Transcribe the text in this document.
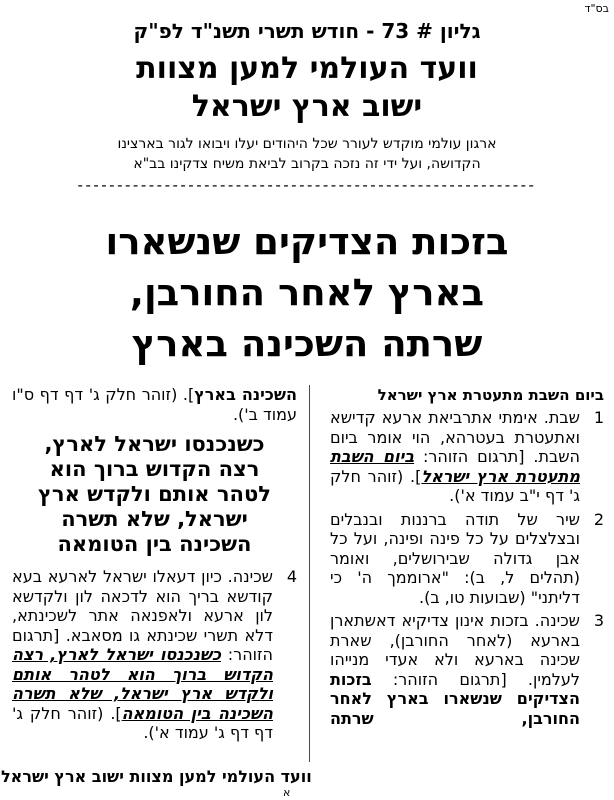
בס"ד
גליון # 73 - חודש תשרי תשנ"ד לפ"ק
וועד העולמי למען מצוות
ישוב ארץ ישראל
ארגון עולמי מוקדש לעורר שכל היהודים יעלו ויבואו לגור בארצינו
הקדושה, ועל ידי זה נזכה בקרוב לביאת משיח צדקינו בב"א
----------------------------------------------------------
בזכות הצדיקים שנשארו
בארץ לאחר החורבן,
שרתה השכינה בארץ
ביום השבת מתעטרת ארץ ישראל
1
שבת. אימתי אתרביאת ארעא קדישא ואתעטרת בעטרהא, הוי אומר ביום השבת. [תרגום הזוהר: ביום השבת מתעטרת ארץ ישראל]. (זוהר חלק ג' דף י"ב עמוד א').
2
שיר של תודה ברננות ובנבלים ובצלצלים על כל פינה ופינה, ועל כל אבן גדולה שבירושלים, ואומר (תהלים ל, ב): "ארוממך ה' כי דליתני" (שבועות טו, ב).
3
שכינה. בזכות אינון צדיקיא דאשתארן בארעא (לאחר החורבן), שארת שכינה בארעא ולא אעדי מנייהו לעלמין. [תרגום הזוהר: בזכות הצדיקים שנשארו בארץ לאחר החורבן, שרתה
השכינה בארץ]. (זוהר חלק ג' דף דף ס"ו עמוד ב').
כשנכנסו ישראל לארץ,
רצה הקדוש ברוך הוא
לטהר אותם ולקדש ארץ
ישראל, שלא תשרה
השכינה בין הטומאה
4
שכינה. כיון דעאלו ישראל לארעא בעא קודשא בריך הוא לדכאה לון ולקדשא לון ארעא ולאפנאה אתר לשכינתא, דלא תשרי שכינתא גו מסאבא. [תרגום הזוהר: כשנכנסו ישראל לארץ, רצה הקדוש ברוך הוא לטהר אותם ולקדש ארץ ישראל, שלא תשרה השכינה בין הטומאה]. (זוהר חלק ג' דף דף ג' עמוד א').
וועד העולמי למען מצוות ישוב ארץ ישראל
א
